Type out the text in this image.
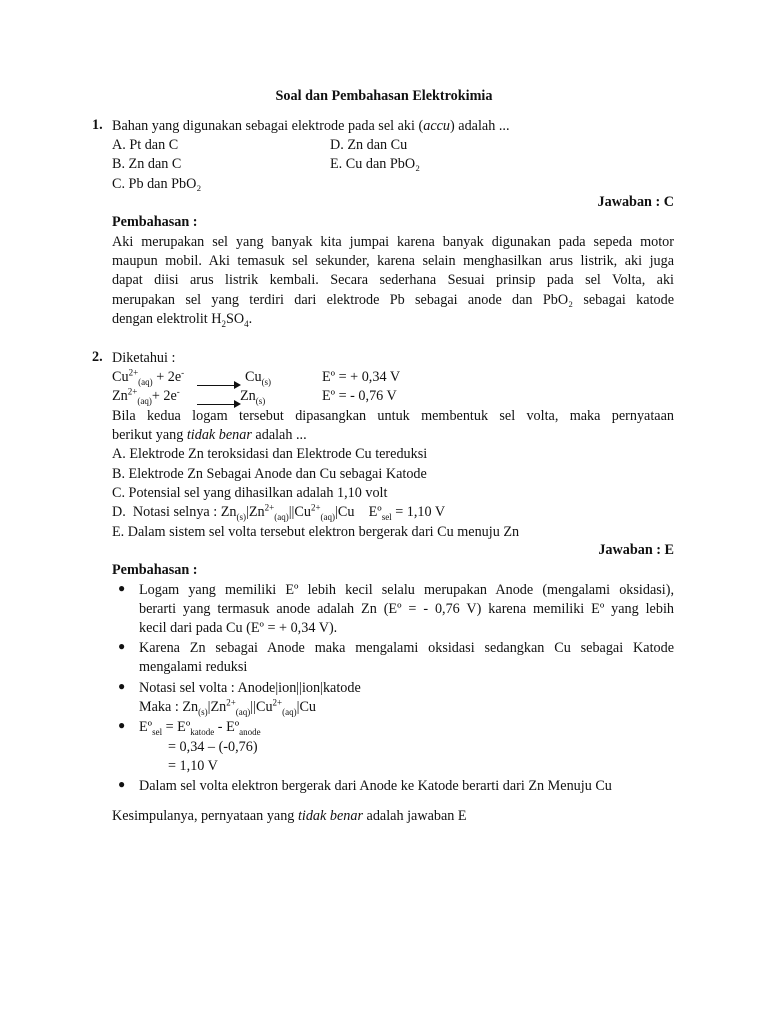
Soal dan Pembahasan Elektrokimia
1. Bahan yang digunakan sebagai elektrode pada sel aki (accu) adalah ...
A. Pt dan C	D. Zn dan Cu
B. Zn dan C	E. Cu dan PbO₂
C. Pb dan PbO₂
Jawaban : C
Pembahasan :
Aki merupakan sel yang banyak kita jumpai karena banyak digunakan pada sepeda motor
maupun mobil. Aki temasuk sel sekunder, karena selain menghasilkan arus listrik, aki juga
dapat diisi arus listrik kembali. Secara sederhana Sesuai prinsip pada sel Volta, aki
merupakan sel yang terdiri dari elektrode Pb sebagai anode dan PbO₂ sebagai katode
dengan elektrolit $H_2SO_4$.
2. Diketahui :
$Cu^{2+}_{(aq)} + 2e^-$	$Cu_{(s)}$	Eº = + 0,34 V
$Zn^{2+}_{(aq)}+ 2e^-$	$Zn_{(s)}$	Eº = - 0,76 V
Bila kedua logam tersebut dipasangkan untuk membentuk sel volta, maka pernyataan
berikut yang tidak benar adalah ...
A. Elektrode Zn teroksidasi dan Elektrode Cu tereduksi
B. Elektrode Zn Sebagai Anode dan Cu sebagai Katode
C. Potensial sel yang dihasilkan adalah 1,10 volt
D.  Notasi selnya : $Zn_{(s)}|Zn^{2+}_{(aq)}||Cu^{2+}_{(aq)}|Cu$    Eº$_{sel}$ = 1,10 V
E. Dalam sistem sel volta tersebut elektron bergerak dari Cu menuju Zn
Jawaban : E
Pembahasan :
● Logam yang memiliki Eº lebih kecil selalu merupakan Anode (mengalami oksidasi),
berarti yang termasuk anode adalah Zn (Eº = - 0,76 V) karena memiliki Eº yang lebih
kecil dari pada Cu (Eº = + 0,34 V).
● Karena Zn sebagai Anode maka mengalami oksidasi sedangkan Cu sebagai Katode
mengalami reduksi
● Notasi sel volta : Anode|ion||ion|katode
Maka : $Zn_{(s)}|Zn^{2+}_{(aq)}||Cu^{2+}_{(aq)}|Cu$
● Eº$_{sel}$ = Eº$_{katode}$ - Eº$_{anode}$
= 0,34 – (-0,76)
= 1,10 V
● Dalam sel volta elektron bergerak dari Anode ke Katode berarti dari Zn Menuju Cu
Kesimpulanya, pernyataan yang tidak benar adalah jawaban E
